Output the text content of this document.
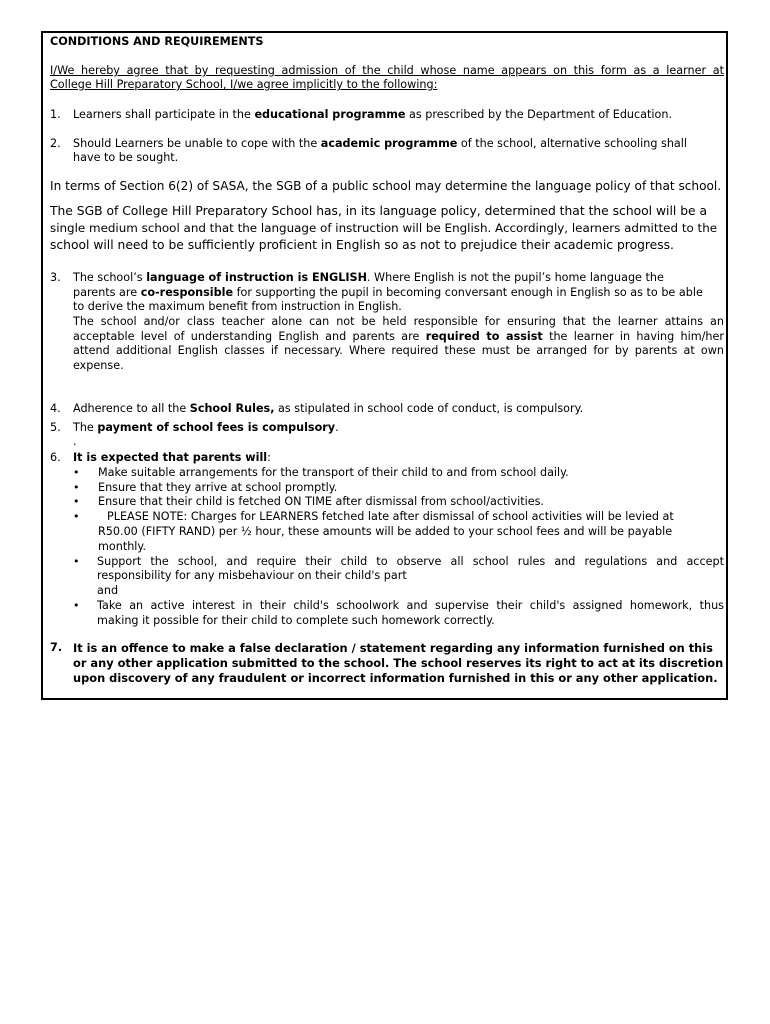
CONDITIONS AND REQUIREMENTS
I/We hereby agree that by requesting admission of the child whose name appears on this form as a learner at
College Hill Preparatory School, I/we agree implicitly to the following:
1. Learners shall participate in the educational programme as prescribed by the Department of Education.
2. Should Learners be unable to cope with the academic programme of the school, alternative schooling shall
have to be sought.
In terms of Section 6(2) of SASA, the SGB of a public school may determine the language policy of that school.
The SGB of College Hill Preparatory School has, in its language policy, determined that the school will be a
single medium school and that the language of instruction will be English. Accordingly, learners admitted to the
school will need to be sufficiently proficient in English so as not to prejudice their academic progress.
3. The school’s language of instruction is ENGLISH. Where English is not the pupil’s home language the
parents are co-responsible for supporting the pupil in becoming conversant enough in English so as to be able
to derive the maximum benefit from instruction in English.
The school and/or class teacher alone can not be held responsible for ensuring that the learner attains an
acceptable level of understanding English and parents are required to assist the learner in having him/her
attend additional English classes if necessary. Where required these must be arranged for by parents at own
expense.
4. Adherence to all the School Rules, as stipulated in school code of conduct, is compulsory.
5. The payment of school fees is compulsory.
.
6. It is expected that parents will:
• Make suitable arrangements for the transport of their child to and from school daily.
• Ensure that they arrive at school promptly.
• Ensure that their child is fetched ON TIME after dismissal from school/activities.
• PLEASE NOTE: Charges for LEARNERS fetched late after dismissal of school activities will be levied at
R50.00 (FIFTY RAND) per ½ hour, these amounts will be added to your school fees and will be payable
monthly.
• Support the school, and require their child to observe all school rules and regulations and accept
responsibility for any misbehaviour on their child's part
and
• Take an active interest in their child's schoolwork and supervise their child's assigned homework, thus
making it possible for their child to complete such homework correctly.
7. It is an offence to make a false declaration / statement regarding any information furnished on this
or any other application submitted to the school. The school reserves its right to act at its discretion
upon discovery of any fraudulent or incorrect information furnished in this or any other application.
